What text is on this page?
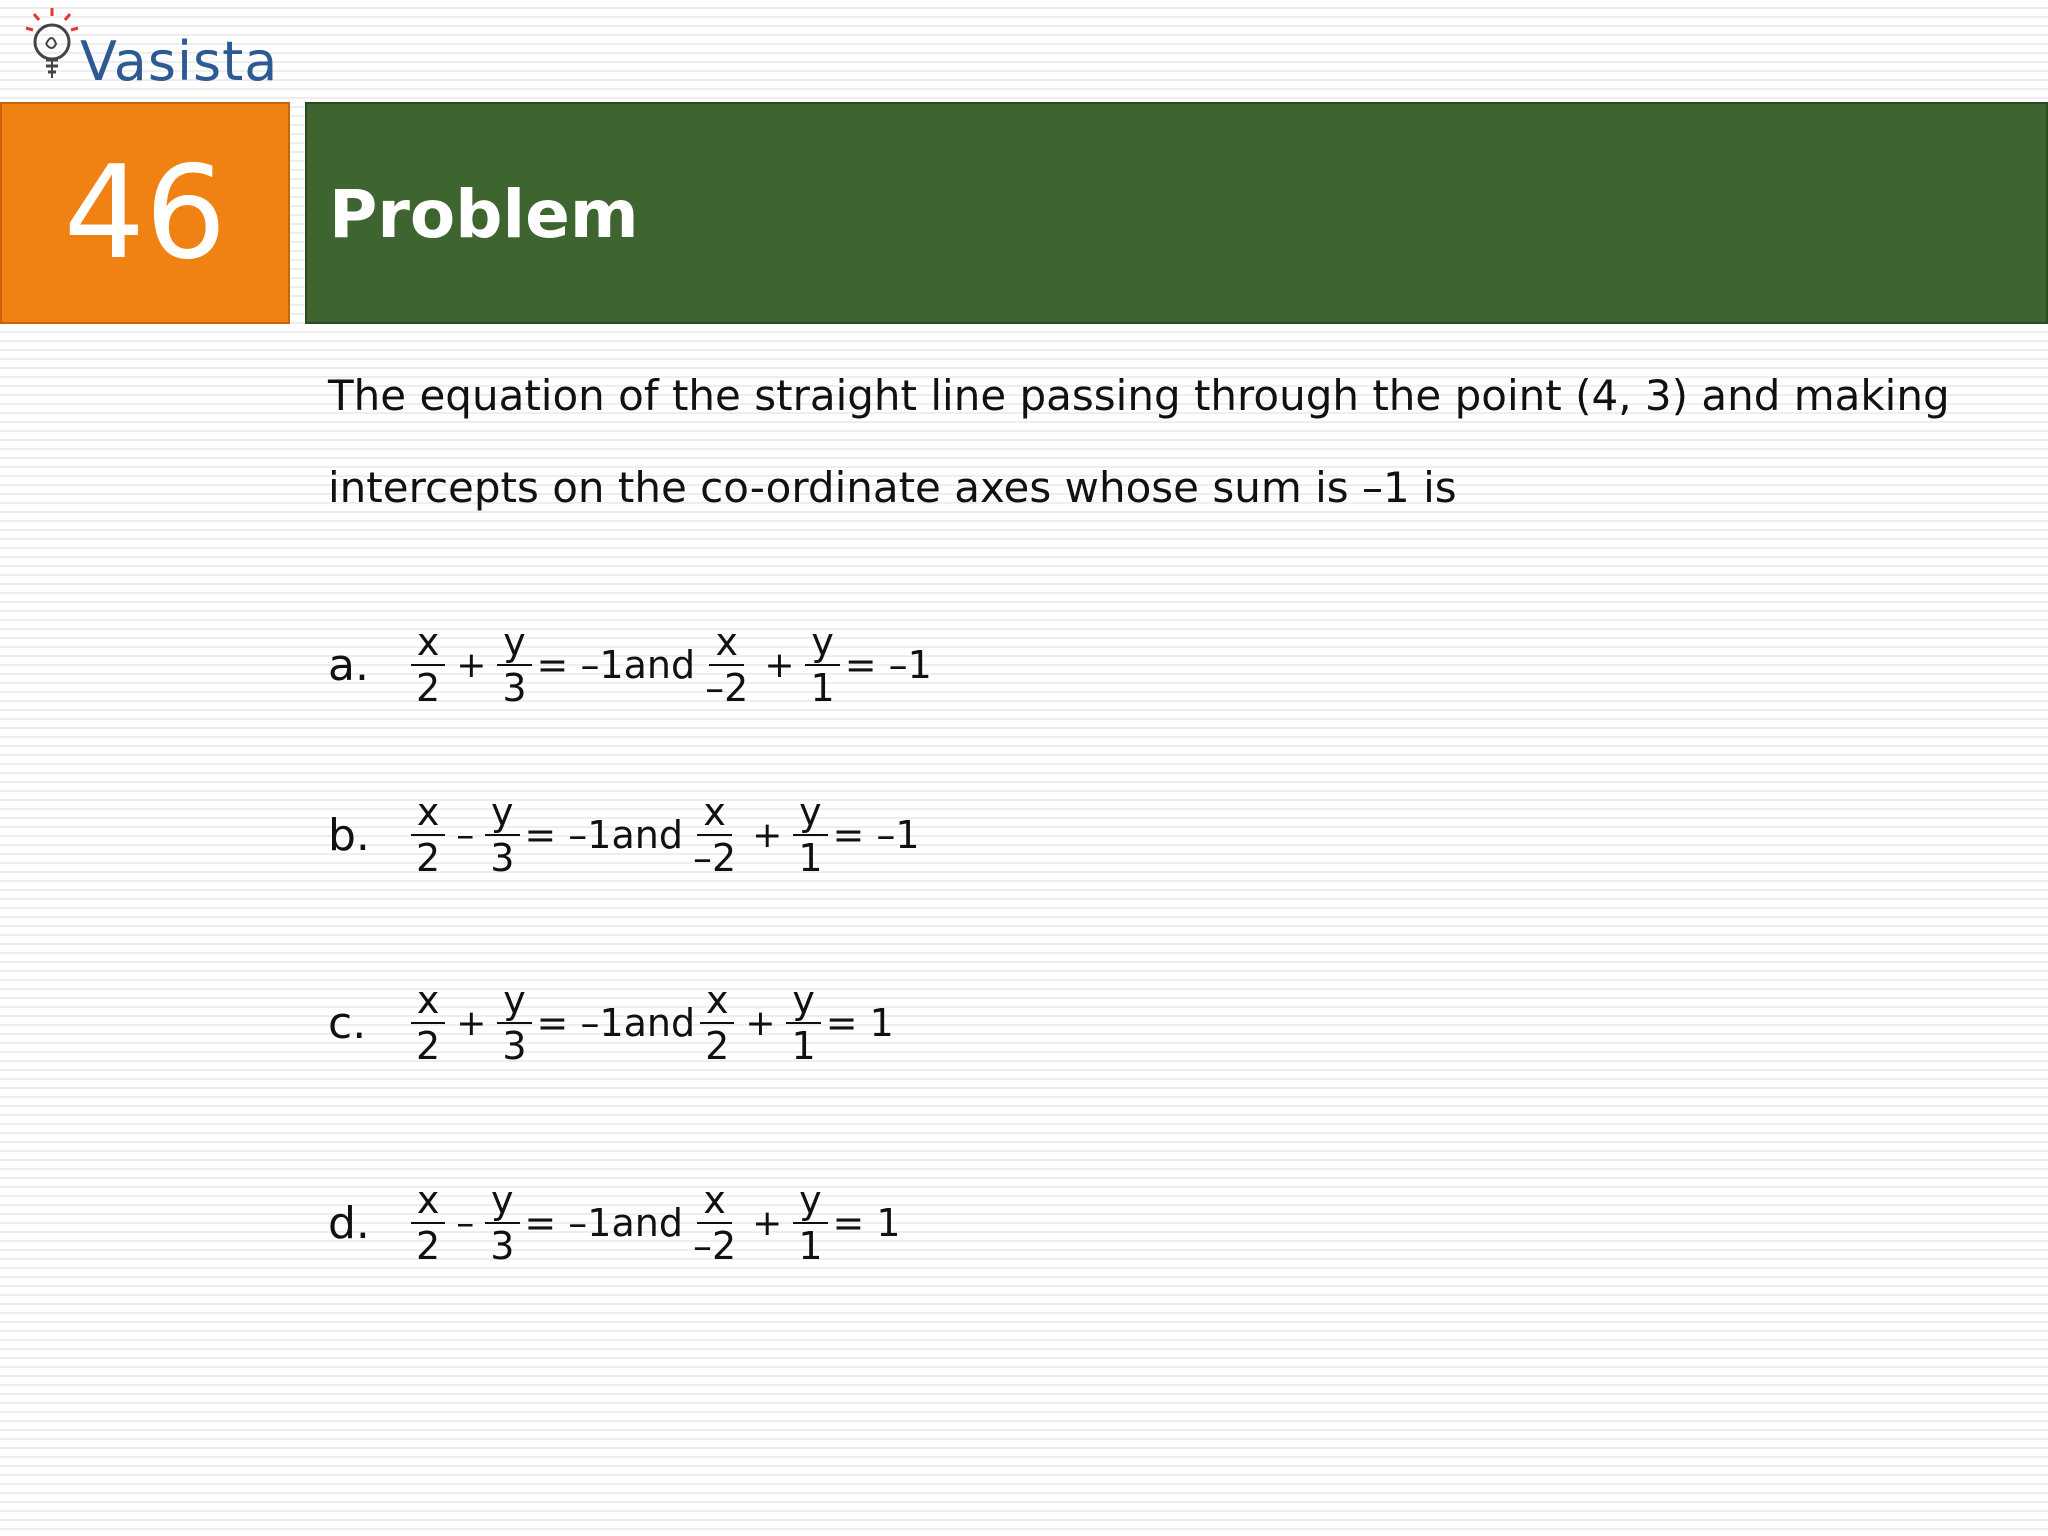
Vasista
46 Problem
The equation of the straight line passing through the point (4, 3) and making
intercepts on the co-ordinate axes whose sum is –1 is
a.	$\frac{x}{2} + \frac{y}{3} = -1and \frac{x}{-2} + \frac{y}{1} = -1$
b.	$\frac{x}{2} - \frac{y}{3} = -1and \frac{x}{-2} + \frac{y}{1} = -1$
c.	$\frac{x}{2} + \frac{y}{3} = -1and \frac{x}{2} + \frac{y}{1} = 1$
d.	$\frac{x}{2} - \frac{y}{3} = -1and \frac{x}{-2} + \frac{y}{1} = 1$
